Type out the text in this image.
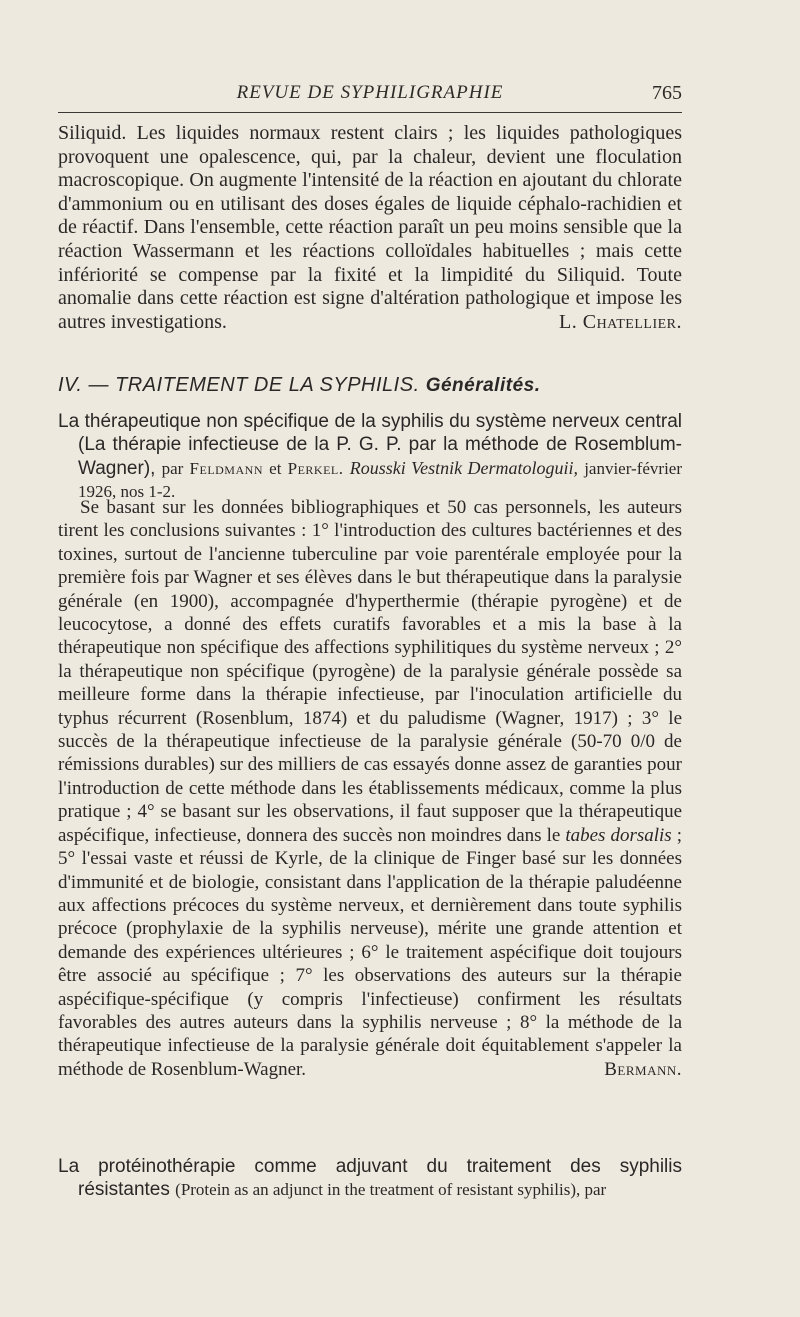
REVUE DE SYPHILIGRAPHIE	765

Siliquid. Les liquides normaux restent clairs ; les liquides pathologiques provoquent une opalescence, qui, par la chaleur, devient une floculation macroscopique. On augmente l'intensité de la réaction en ajoutant du chlorate d'ammonium ou en utilisant des doses égales de liquide céphalo-rachidien et de réactif. Dans l'ensemble, cette réaction paraît un peu moins sensible que la réaction Wassermann et les réactions colloïdales habituelles ; mais cette infériorité se compense par la fixité et la limpidité du Siliquid. Toute anomalie dans cette réaction est signe d'altération pathologique et impose les autres investigations.	L. Chatellier.

IV. — TRAITEMENT DE LA SYPHILIS. Généralités.

La thérapeutique non spécifique de la syphilis du système nerveux central (La thérapie infectieuse de la P. G. P. par la méthode de Rosemblum-Wagner), par Feldmann et Perkel. Rousski Vestnik Dermatologuii, janvier-février 1926, nos 1-2.

Se basant sur les données bibliographiques et 50 cas personnels, les auteurs tirent les conclusions suivantes : 1° l'introduction des cultures bactériennes et des toxines, surtout de l'ancienne tuberculine par voie parentérale employée pour la première fois par Wagner et ses élèves dans le but thérapeutique dans la paralysie générale (en 1900), accompagnée d'hyperthermie (thérapie pyrogène) et de leucocytose, a donné des effets curatifs favorables et a mis la base à la thérapeutique non spécifique des affections syphilitiques du système nerveux ; 2° la thérapeutique non spécifique (pyrogène) de la paralysie générale possède sa meilleure forme dans la thérapie infectieuse, par l'inoculation artificielle du typhus récurrent (Rosenblum, 1874) et du paludisme (Wagner, 1917) ; 3° le succès de la thérapeutique infectieuse de la paralysie générale (50-70 0/0 de rémissions durables) sur des milliers de cas essayés donne assez de garanties pour l'introduction de cette méthode dans les établissements médicaux, comme la plus pratique ; 4° se basant sur les observations, il faut supposer que la thérapeutique aspécifique, infectieuse, donnera des succès non moindres dans le tabes dorsalis ; 5° l'essai vaste et réussi de Kyrle, de la clinique de Finger basé sur les données d'immunité et de biologie, consistant dans l'application de la thérapie paludéenne aux affections précoces du système nerveux, et dernièrement dans toute syphilis précoce (prophylaxie de la syphilis nerveuse), mérite une grande attention et demande des expériences ultérieures ; 6° le traitement aspécifique doit toujours être associé au spécifique ; 7° les observations des auteurs sur la thérapie aspécifique-spécifique (y compris l'infectieuse) confirment les résultats favorables des autres auteurs dans la syphilis nerveuse ; 8° la méthode de la thérapeutique infectieuse de la paralysie générale doit équitablement s'appeler la méthode de Rosenblum-Wagner.	Bermann.

La protéinothérapie comme adjuvant du traitement des syphilis résistantes (Protein as an adjunct in the treatment of resistant syphilis), par
